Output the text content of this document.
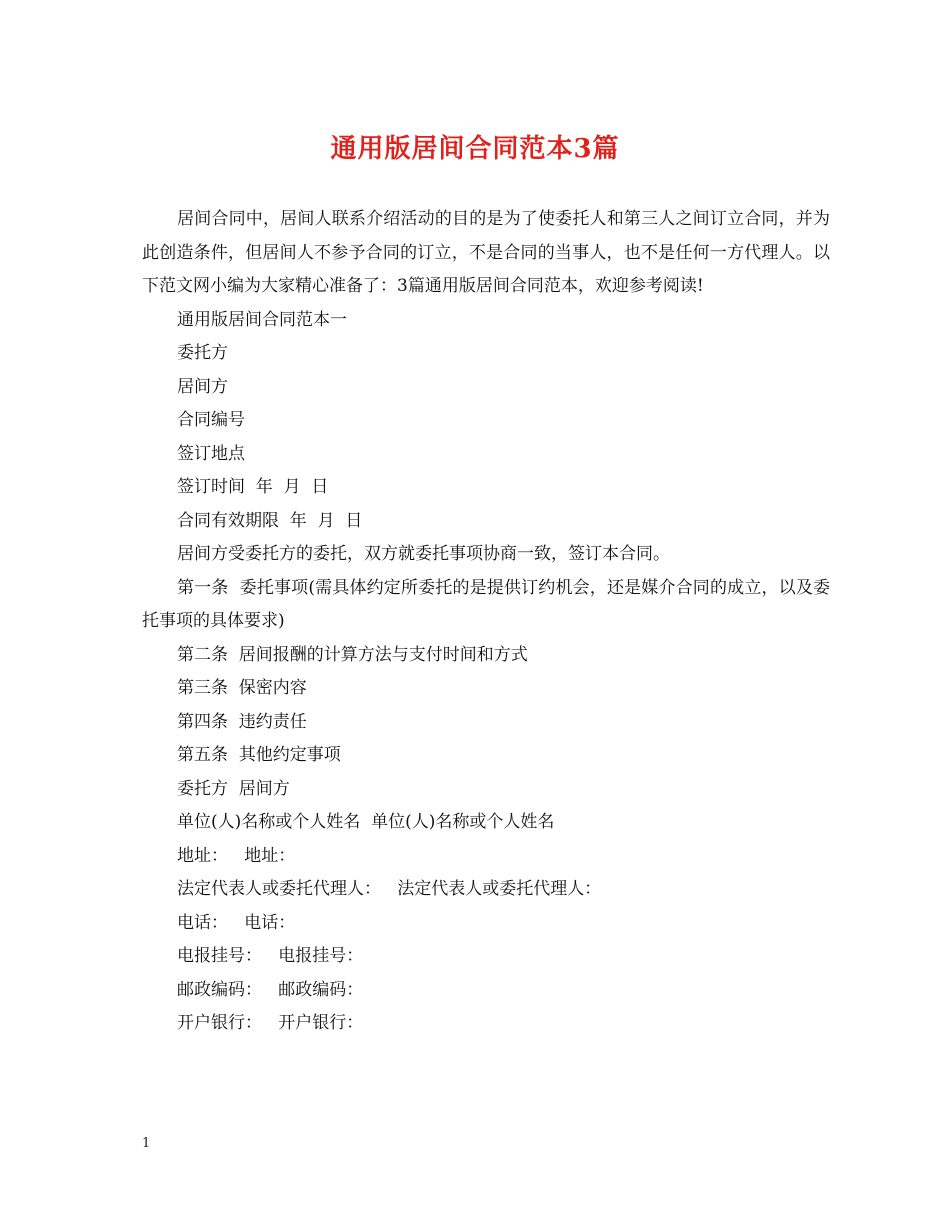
通用版居间合同范本3篇

居间合同中，居间人联系介绍活动的目的是为了使委托人和第三人之间订立合同，并为此创造条件，但居间人不参予合同的订立，不是合同的当事人，也不是任何一方代理人。以下范文网小编为大家精心准备了：3篇通用版居间合同范本，欢迎参考阅读!

通用版居间合同范本一

委托方

居间方

合同编号

签订地点

签订时间  年  月  日

合同有效期限  年  月  日

居间方受委托方的委托，双方就委托事项协商一致，签订本合同。

第一条  委托事项(需具体约定所委托的是提供订约机会，还是媒介合同的成立，以及委托事项的具体要求)

第二条  居间报酬的计算方法与支付时间和方式

第三条  保密内容

第四条  违约责任

第五条  其他约定事项

委托方  居间方

单位(人)名称或个人姓名  单位(人)名称或个人姓名

地址：   地址：

法定代表人或委托代理人：   法定代表人或委托代理人：

电话：   电话：

电报挂号：   电报挂号：

邮政编码：   邮政编码：

开户银行：   开户银行：

1
